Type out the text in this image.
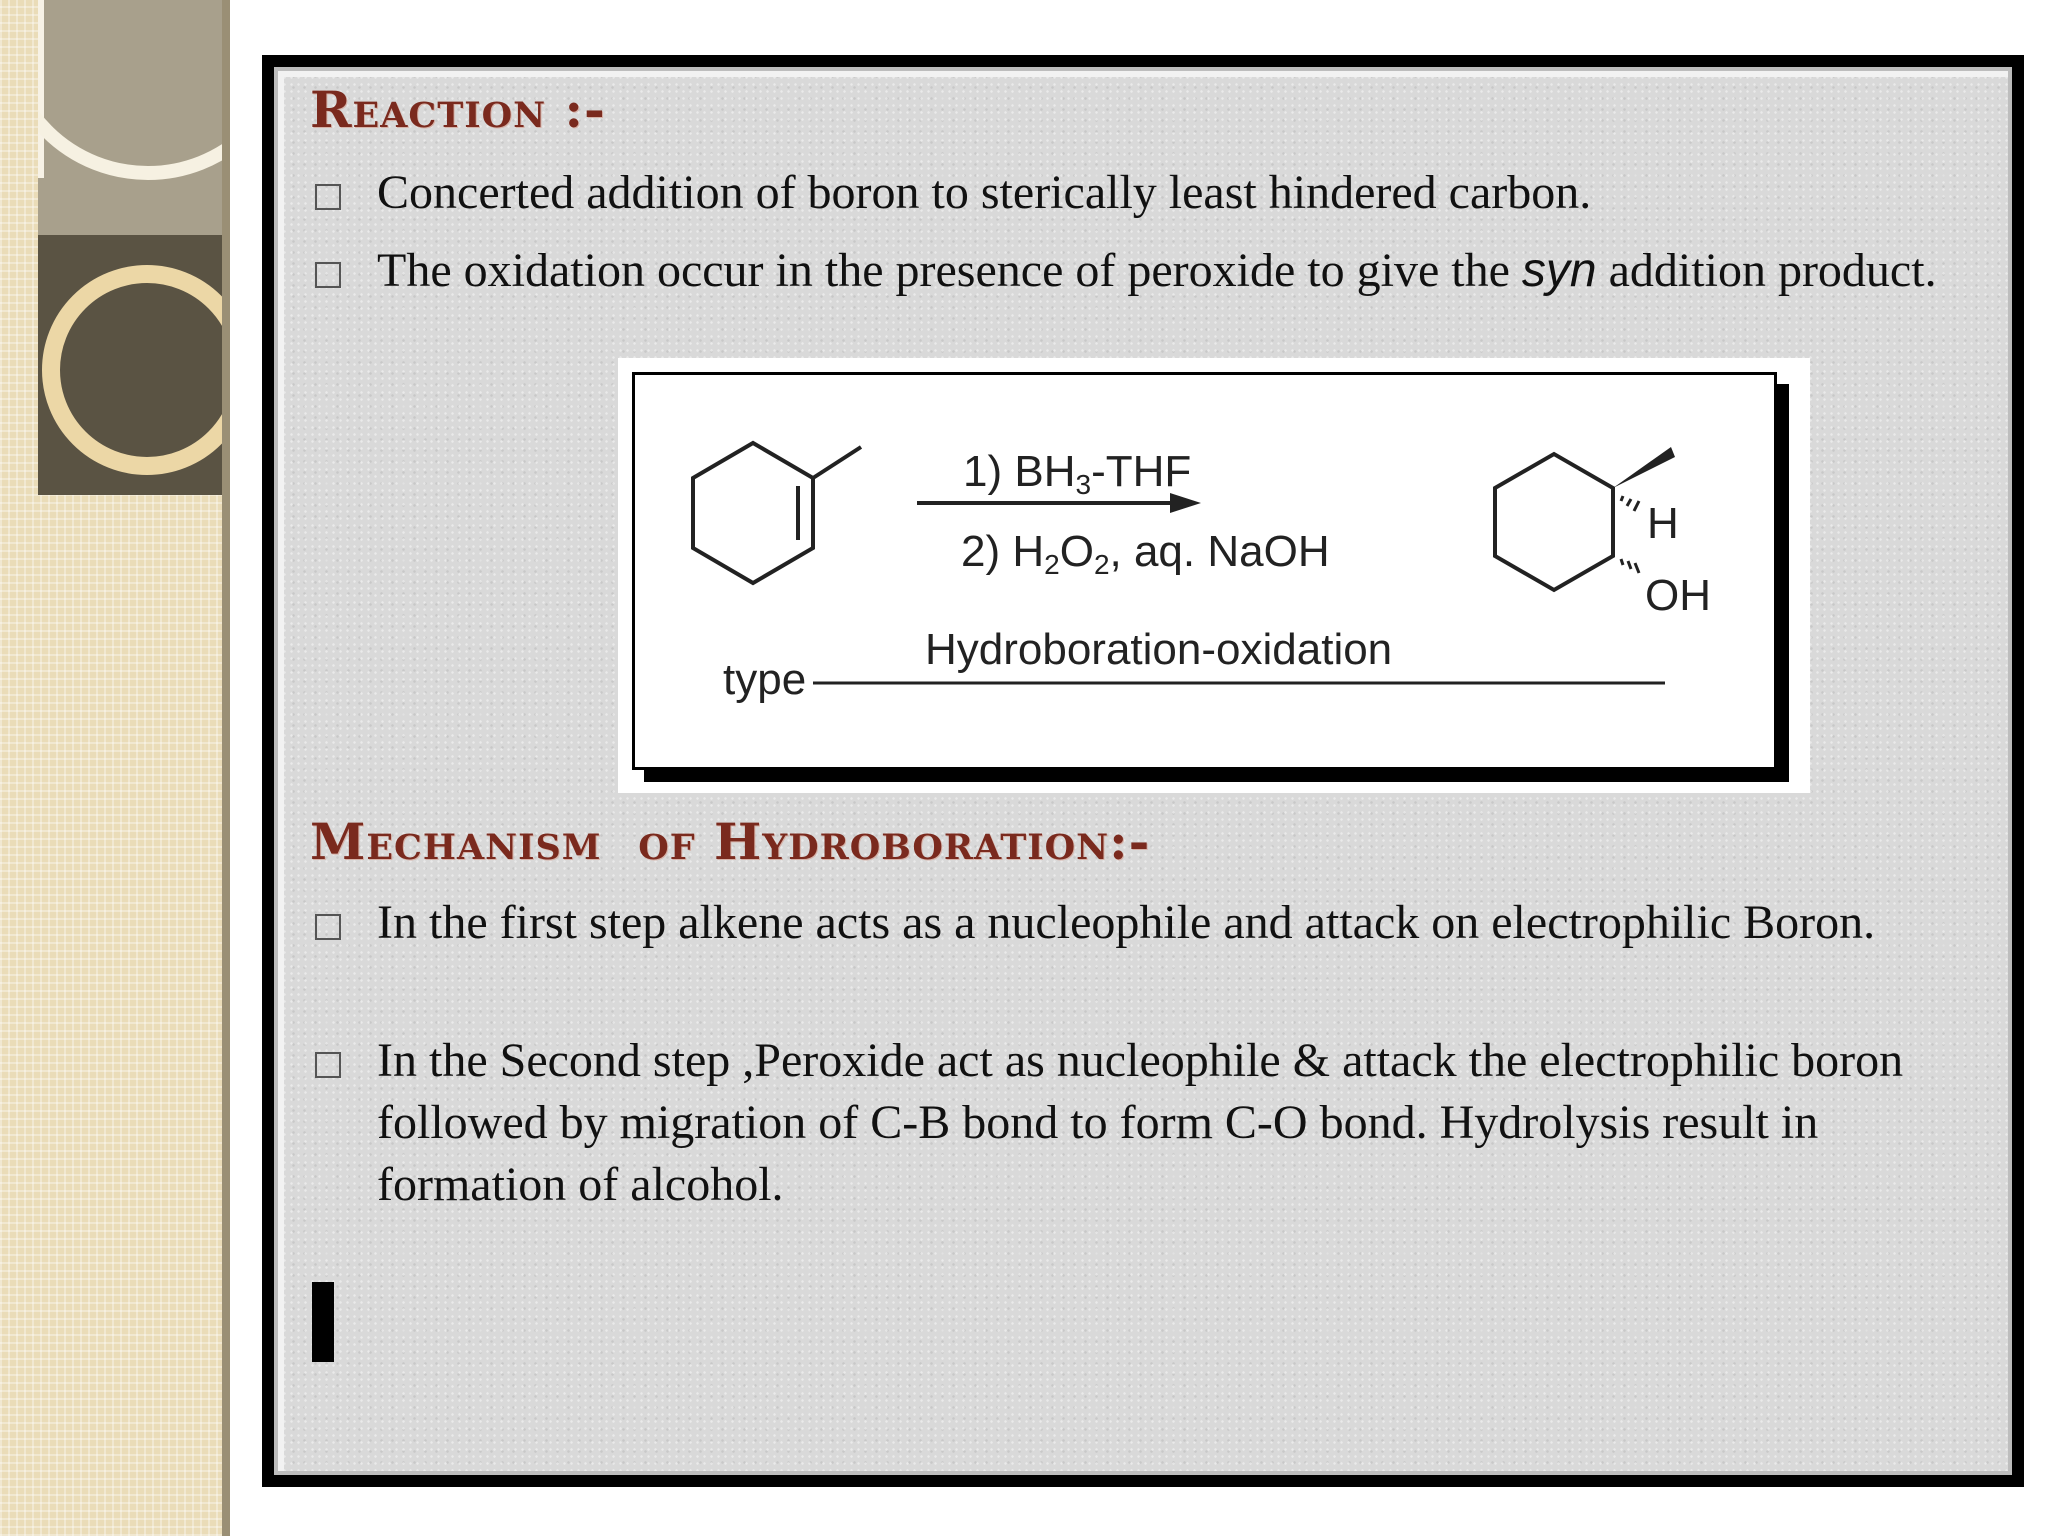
Reaction :-
Concerted addition of boron to sterically least hindered carbon.
The oxidation occur in the presence of peroxide to give the syn addition product.
1) $BH_3$-THF
2) $H_2O_2$, aq. NaOH
type
Hydroboration-oxidation
H
OH
Mechanism  of Hydroboration:-
In the first step alkene acts as a nucleophile and attack on electrophilic Boron.
In the Second step ,Peroxide act as nucleophile & attack the electrophilic boron followed by migration of C-B bond to form C-O bond. Hydrolysis result in formation of alcohol.
